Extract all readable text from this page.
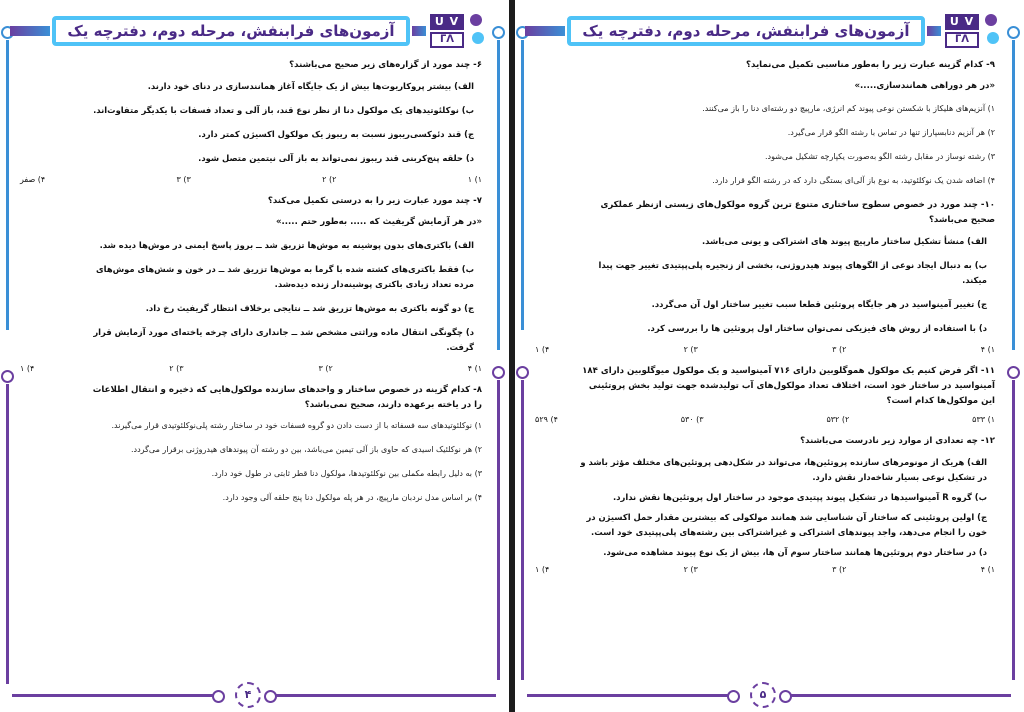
آزمون‌های فرابنفش، مرحله دوم، دفترچه یک
U V
ᒥᐱ
۶- چند مورد از گزاره‌های زیر صحیح می‌باشند؟
الف) بیشتر پروکاریوت‌ها بیش از یک جایگاه آغاز همانندسازی در دنای خود دارند.
ب) نوکلئوتیدهای یک مولکول دنا از نظر نوع قند، باز آلی و تعداد فسفات با یکدیگر متفاوت‌اند.
ج) قند دئوکسی‌ریبوز نسبت به ریبوز یک مولکول اکسیژن کمتر دارد.
د) حلقه پنج‌کربنی قند ریبوز نمی‌تواند به باز آلی نیتمین متصل شود.
۱) ۱
۲) ۲
۳) ۳
۴) صفر
۷- چند مورد عبارت زیر را به درستی تکمیل می‌کند؟
«در هر آزمایش گریفیث که ..... به‌طور حتم .....»
الف) باکتری‌های بدون پوشینه به موش‌ها تزریق شد ــ بروز پاسخ ایمنی در موش‌ها دیده شد.
ب) فقط باکتری‌های کشته شده با گرما به موش‌ها تزریق شد ــ در خون و شش‌های موش‌های مرده تعداد زیادی باکتری پوشینه‌دار زنده دیده‌شد.
ج) دو گونه باکتری به موش‌ها تزریق شد ــ نتایجی برخلاف انتظار گریفیث رخ داد.
د) چگونگی انتقال ماده وراثتی مشخص شد ــ جانداری دارای چرخه یاخته‌ای مورد آزمایش قرار گرفت.
۱) ۴
۲) ۳
۳) ۲
۴) ۱
۸- کدام گزینه در خصوص ساختار و واحدهای سازنده مولکول‌هایی که ذخیره و انتقال اطلاعات را در یاخته برعهده دارند، صحیح نمی‌باشد؟
۱) نوکلئوتیدهای سه فسفاته با از دست دادن دو گروه فسفات خود در ساختار رشته پلی‌نوکلئوتیدی قرار می‌گیرند.
۲) هر نوکلئیک اسیدی که حاوی باز آلی تیمین می‌باشد، بین دو رشته آن پیوندهای هیدروژنی برقرار می‌گردد.
۳) به دلیل رابطه مکملی بین نوکلئوتیدها، مولکول دنا قطر ثابتی در طول خود دارد.
۴) بر اساس مدل نردبان مارپیچ، در هر پله مولکول دنا پنج حلقه آلی وجود دارد.
۴
آزمون‌های فرابنفش، مرحله دوم، دفترچه یک
U V
ᒥᐱ
۹- کدام گزینه عبارت زیر را به‌طور مناسبی تکمیل می‌نماید؟
«در هر دوراهی همانندسازی.....»
۱) آنزیم‌های هلیکاز با شکستن نوعی پیوند کم انرژی، مارپیچ دو رشته‌ای دنا را باز می‌کنند.
۲) هر آنزیم دنابسپاراز تنها در تماس با رشته الگو قرار می‌گیرد.
۳) رشته نوساز در مقابل رشته الگو به‌صورت یکپارچه تشکیل می‌شود.
۴) اضافه شدن یک نوکلئوتید، به نوع باز آلی‌ای بستگی دارد که در رشته الگو قرار دارد.
۱۰- چند مورد در خصوص سطوح ساختاری متنوع ترین گروه مولکول‌های زیستی ازنظر عملکری صحیح می‌باشد؟
الف) منشأ تشکیل ساختار مارپیچ پیوند های اشتراکی و یونی می‌باشد.
ب) به دنبال ایجاد نوعی از الگوهای پیوند هیدروژنی، بخشی از زنجیره پلی‌پپتیدی تغییر جهت پیدا میکند.
ج) تغییر آمینواسید در هر جایگاه پروتئین قطعا سبب تغییر ساختار اول آن می‌گردد.
د) با استفاده از روش های فیزیکی نمی‌توان ساختار اول پروتئین ها را بررسی کرد.
۱) ۴
۲) ۳
۳) ۲
۴) ۱
۱۱- اگر فرض کنیم یک مولکول هموگلوبین دارای ۷۱۶ آمینواسید و یک مولکول میوگلوبین دارای ۱۸۴ آمینواسید در ساختار خود است، اختلاف تعداد مولکول‌های آب تولیدشده جهت تولید بخش پروتئینی این مولکول‌ها کدام است؟
۱) ۵۳۳
۲) ۵۳۲
۳) ۵۳۰
۴) ۵۲۹
۱۲- چه تعدادی از موارد زیر نادرست می‌باشند؟
الف) هریک از مونومرهای سازنده پروتئین‌ها، می‌تواند در شکل‌دهی پروتئین‌های مختلف مؤثر باشد و در تشکیل نوعی بسیار شاخه‌دار نقش دارد.
ب) گروه R آمینواسیدها در تشکیل پیوند پپتیدی موجود در ساختار اول پروتئین‌ها نقش ندارد.
ج) اولین پروتئینی که ساختار آن شناسایی شد همانند مولکولی که بیشترین مقدار حمل اکسیژن در خون را انجام می‌دهد، واجد پیوندهای اشتراکی و غیراشتراکی بین رشته‌های پلی‌پپتیدی خود است.
د) در ساختار دوم پروتئین‌ها همانند ساختار سوم آن ها، بیش از یک نوع پیوند مشاهده می‌شود.
۱) ۴
۲) ۳
۳) ۲
۴) ۱
۵
